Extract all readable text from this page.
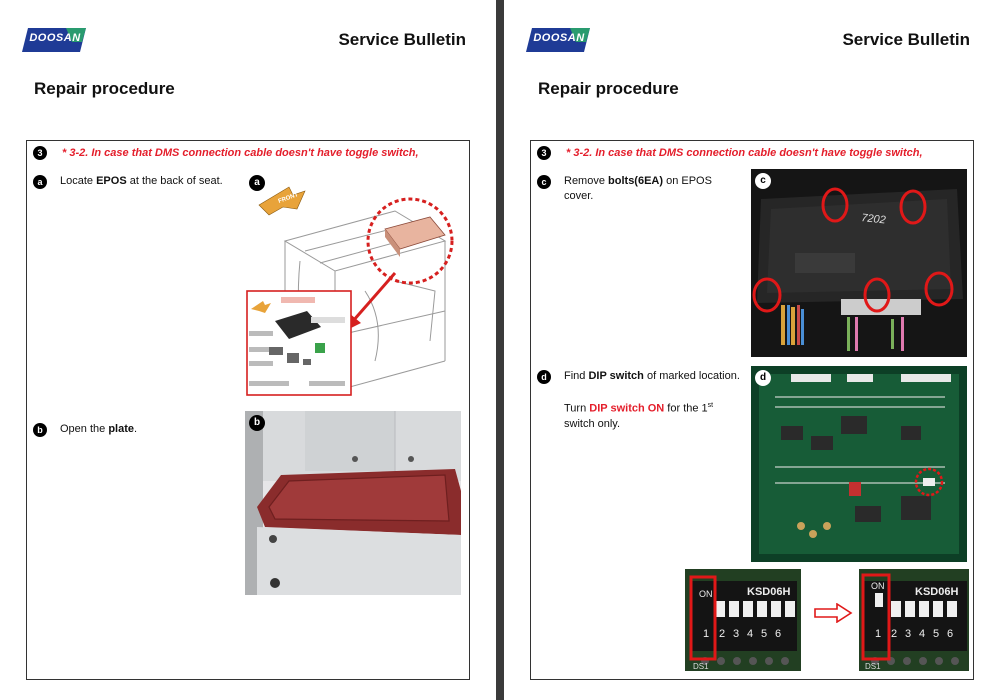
DOOSAN	Service Bulletin
Repair procedure
3	* 3-2. In case that DMS connection cable doesn't have toggle switch,
a	Locate EPOS at the back of seat.	a
FRONT
b	Open the plate.
b
DOOSAN	Service Bulletin
Repair procedure
3	* 3-2. In case that DMS connection cable doesn't have toggle switch,
c	Remove bolts(6EA) on EPOS cover.
c
7202
d	Find DIP switch of marked location.
Turn DIP switch ON for the 1st switch only.
d
ON	KSD06H
1 2 3 4 5 6
DS1
ON	KSD06H
1 2 3 4 5 6
DS1
